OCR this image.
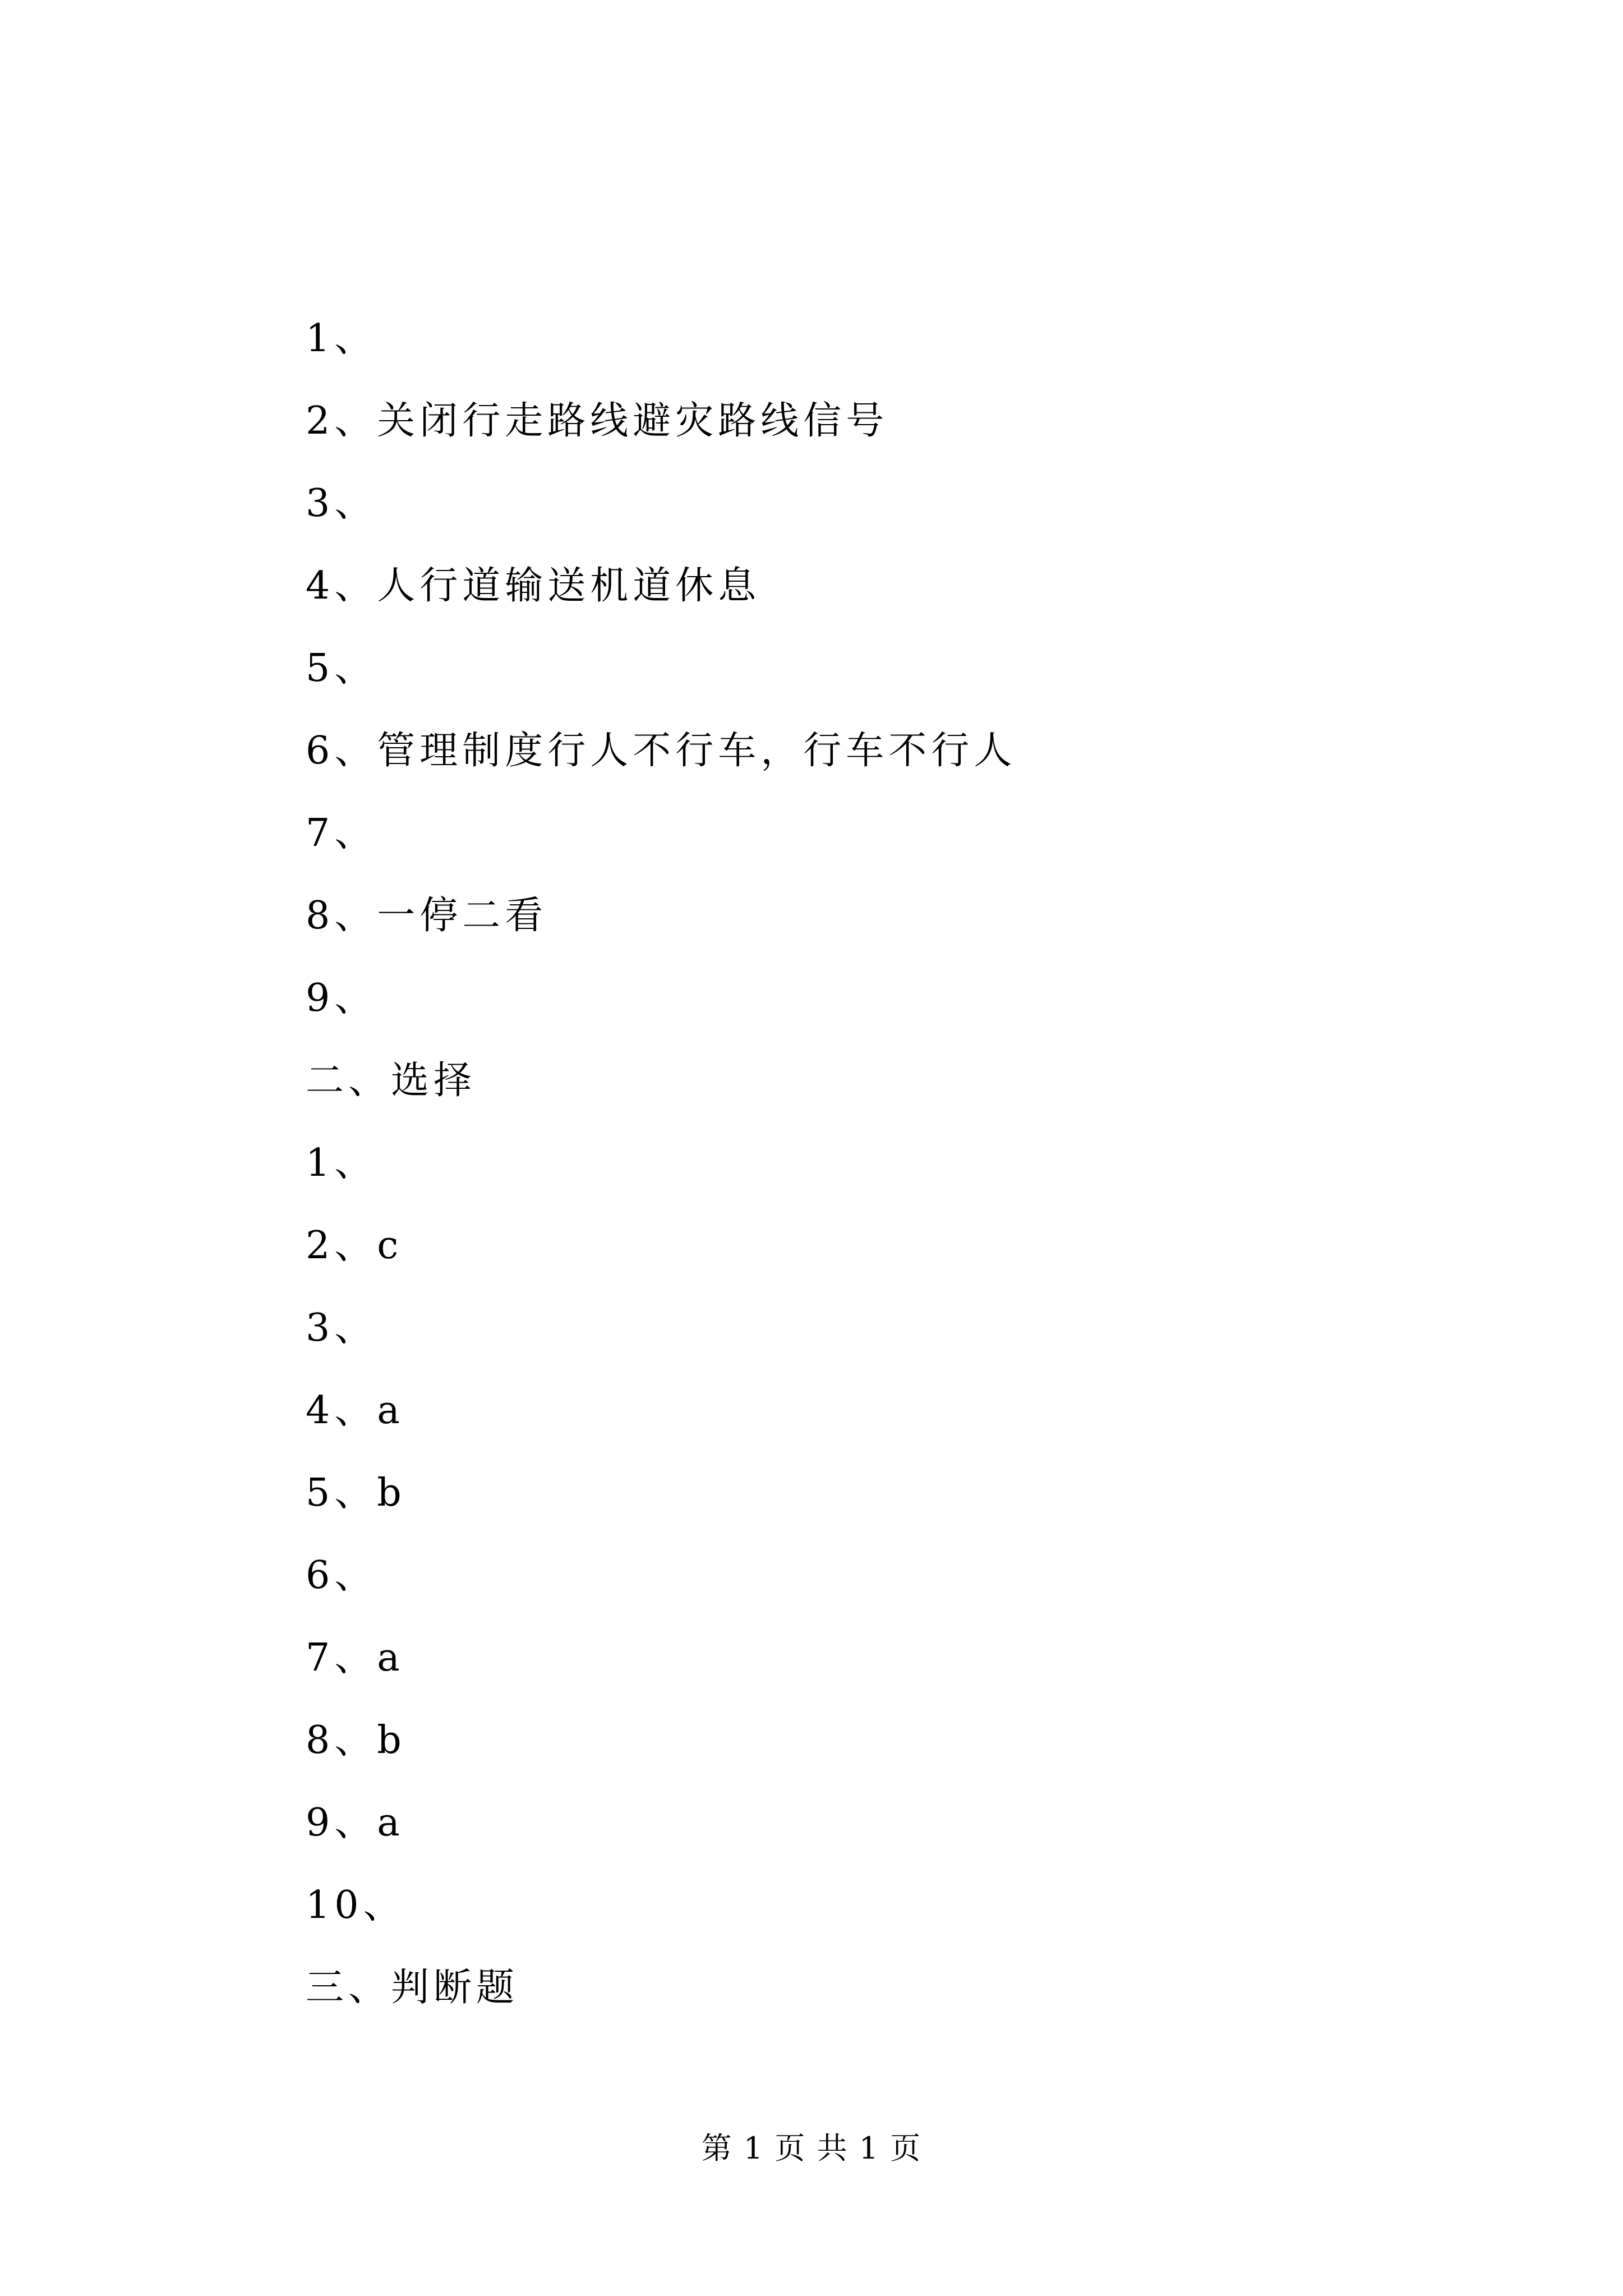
1、
2、关闭行走路线避灾路线信号
3、
4、人行道输送机道休息
5、
6、管理制度行人不行车，行车不行人
7、
8、一停二看
9、
二、选择
1、
2、c
3、
4、a
5、b
6、
7、a
8、b
9、a
10、
三、判断题
第 1 页 共 1 页
